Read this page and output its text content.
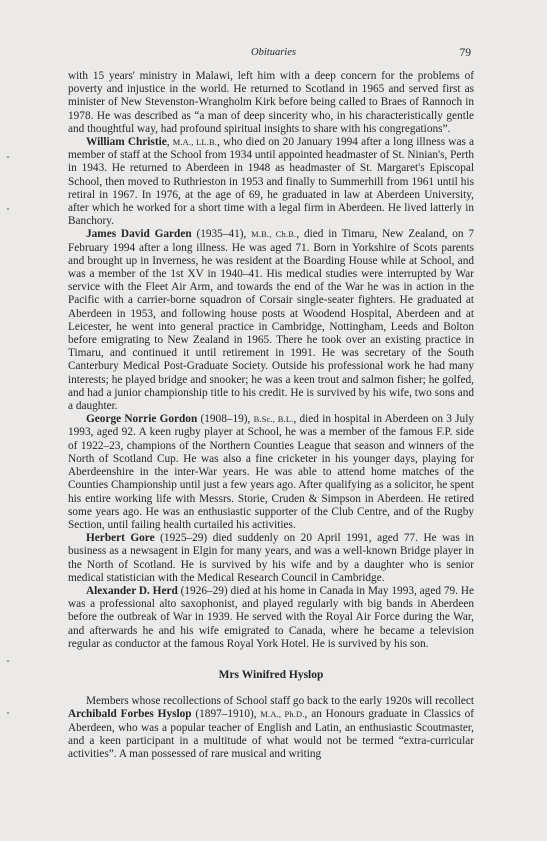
Obituaries	79

with 15 years' ministry in Malawi, left him with a deep concern for the problems of poverty and injustice in the world. He returned to Scotland in 1965 and served first as minister of New Stevenston-Wrangholm Kirk before being called to Braes of Rannoch in 1978. He was described as “a man of deep sincerity who, in his characteristically gentle and thoughtful way, had profound spiritual insights to share with his congregations”.

William Christie, M.A., LL.B., who died on 20 January 1994 after a long illness was a member of staff at the School from 1934 until appointed headmaster of St. Ninian's, Perth in 1943. He returned to Aberdeen in 1948 as headmaster of St. Margaret's Episcopal School, then moved to Ruthrieston in 1953 and finally to Summerhill from 1961 until his retiral in 1967. In 1976, at the age of 69, he graduated in law at Aberdeen University, after which he worked for a short time with a legal firm in Aberdeen. He lived latterly in Banchory.

James David Garden (1935–41), M.B., Ch.B., died in Timaru, New Zealand, on 7 February 1994 after a long illness. He was aged 71. Born in Yorkshire of Scots parents and brought up in Inverness, he was resident at the Boarding House while at School, and was a member of the 1st XV in 1940–41. His medical studies were interrupted by War service with the Fleet Air Arm, and towards the end of the War he was in action in the Pacific with a carrier-borne squadron of Corsair single-seater fighters. He graduated at Aberdeen in 1953, and following house posts at Woodend Hospital, Aberdeen and at Leicester, he went into general practice in Cambridge, Nottingham, Leeds and Bolton before emigrating to New Zealand in 1965. There he took over an existing practice in Timaru, and continued it until retirement in 1991. He was secretary of the South Canterbury Medical Post-Graduate Society. Outside his professional work he had many interests; he played bridge and snooker; he was a keen trout and salmon fisher; he golfed, and had a junior championship title to his credit. He is survived by his wife, two sons and a daughter.

George Norrie Gordon (1908–19), B.Sc., B.L., died in hospital in Aberdeen on 3 July 1993, aged 92. A keen rugby player at School, he was a member of the famous F.P. side of 1922–23, champions of the Northern Counties League that season and winners of the North of Scotland Cup. He was also a fine cricketer in his younger days, playing for Aberdeenshire in the inter-War years. He was able to attend home matches of the Counties Championship until just a few years ago. After qualifying as a solicitor, he spent his entire working life with Messrs. Storie, Cruden & Simpson in Aberdeen. He retired some years ago. He was an enthusiastic supporter of the Club Centre, and of the Rugby Section, until failing health curtailed his activities.

Herbert Gore (1925–29) died suddenly on 20 April 1991, aged 77. He was in business as a newsagent in Elgin for many years, and was a well-known Bridge player in the North of Scotland. He is survived by his wife and by a daughter who is senior medical statistician with the Medical Research Council in Cambridge.

Alexander D. Herd (1926–29) died at his home in Canada in May 1993, aged 79. He was a professional alto saxophonist, and played regularly with big bands in Aberdeen before the outbreak of War in 1939. He served with the Royal Air Force during the War, and afterwards he and his wife emigrated to Canada, where he became a television regular as conductor at the famous Royal York Hotel. He is survived by his son.

Mrs Winifred Hyslop

Members whose recollections of School staff go back to the early 1920s will recollect Archibald Forbes Hyslop (1897–1910), M.A., Ph.D., an Honours graduate in Classics of Aberdeen, who was a popular teacher of English and Latin, an enthusiastic Scoutmaster, and a keen participant in a multitude of what would not be termed “extra-curricular activities”. A man possessed of rare musical and writing
